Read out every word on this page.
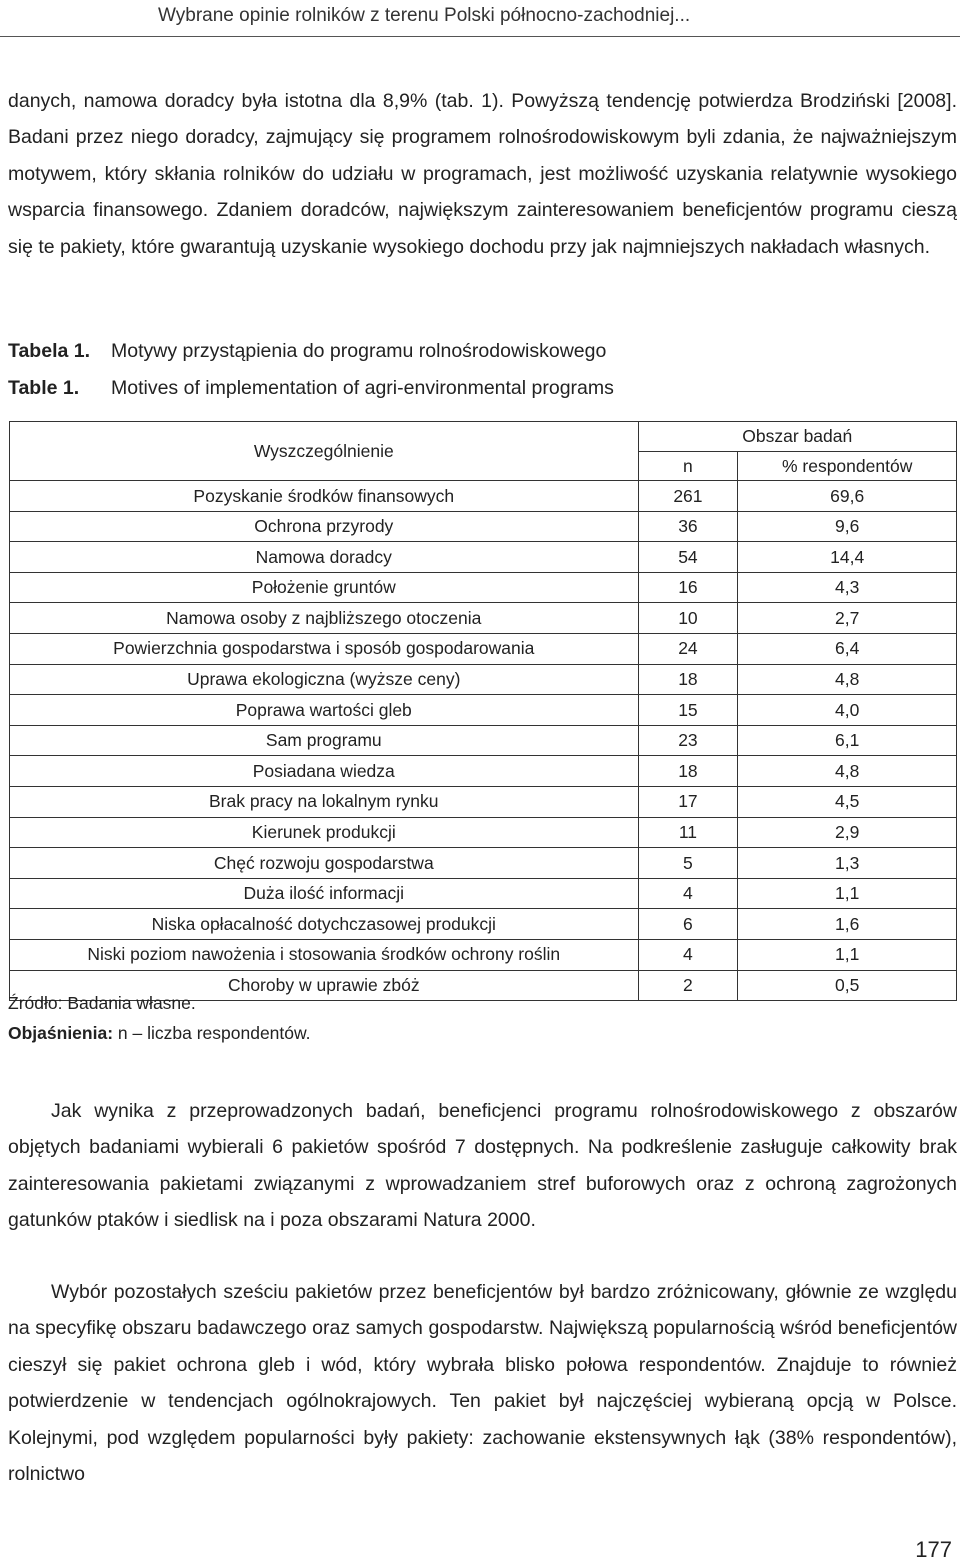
Wybrane opinie rolników z terenu Polski północno-zachodniej...

danych, namowa doradcy była istotna dla 8,9% (tab. 1). Powyższą tendencję potwierdza Brodziński [2008]. Badani przez niego doradcy, zajmujący się programem rolnośrodowiskowym byli zdania, że najważniejszym motywem, który skłania rolników do udziału w programach, jest możliwość uzyskania relatywnie wysokiego wsparcia finansowego. Zdaniem doradców, największym zainteresowaniem beneficjentów programu cieszą się te pakiety, które gwarantują uzyskanie wysokiego dochodu przy jak najmniejszych nakładach własnych.

Tabela 1. Motywy przystąpienia do programu rolnośrodowiskowego
Table 1. Motives of implementation of agri-environmental programs
Wyszczególnienie	Obszar badań	
	n	% respondentów
Pozyskanie środków finansowych	261	69,6
Ochrona przyrody	36	9,6
Namowa doradcy	54	14,4
Położenie gruntów	16	4,3
Namowa osoby z najbliższego otoczenia	10	2,7
Powierzchnia gospodarstwa i sposób gospodarowania	24	6,4
Uprawa ekologiczna (wyższe ceny)	18	4,8
Poprawa wartości gleb	15	4,0
Sam programu	23	6,1
Posiadana wiedza	18	4,8
Brak pracy na lokalnym rynku	17	4,5
Kierunek produkcji	11	2,9
Chęć rozwoju gospodarstwa	5	1,3
Duża ilość informacji	4	1,1
Niska opłacalność dotychczasowej produkcji	6	1,6
Niski poziom nawożenia i stosowania środków ochrony roślin	4	1,1
Choroby w uprawie zbóż	2	0,5
Źródło: Badania własne.
Objaśnienia: n – liczba respondentów.

Jak wynika z przeprowadzonych badań, beneficjenci programu rolnośrodowiskowego z obszarów objętych badaniami wybierali 6 pakietów spośród 7 dostępnych. Na podkreślenie zasługuje całkowity brak zainteresowania pakietami związanymi z wprowadzaniem stref buforowych oraz z ochroną zagrożonych gatunków ptaków i siedlisk na i poza obszarami Natura 2000.

Wybór pozostałych sześciu pakietów przez beneficjentów był bardzo zróżnicowany, głównie ze względu na specyfikę obszaru badawczego oraz samych gospodarstw. Największą popularnością wśród beneficjentów cieszył się pakiet ochrona gleb i wód, który wybrała blisko połowa respondentów. Znajduje to również potwierdzenie w tendencjach ogólnokrajowych. Ten pakiet był najczęściej wybieraną opcją w Polsce. Kolejnymi, pod względem popularności były pakiety: zachowanie ekstensywnych łąk (38% respondentów), rolnictwo

177
